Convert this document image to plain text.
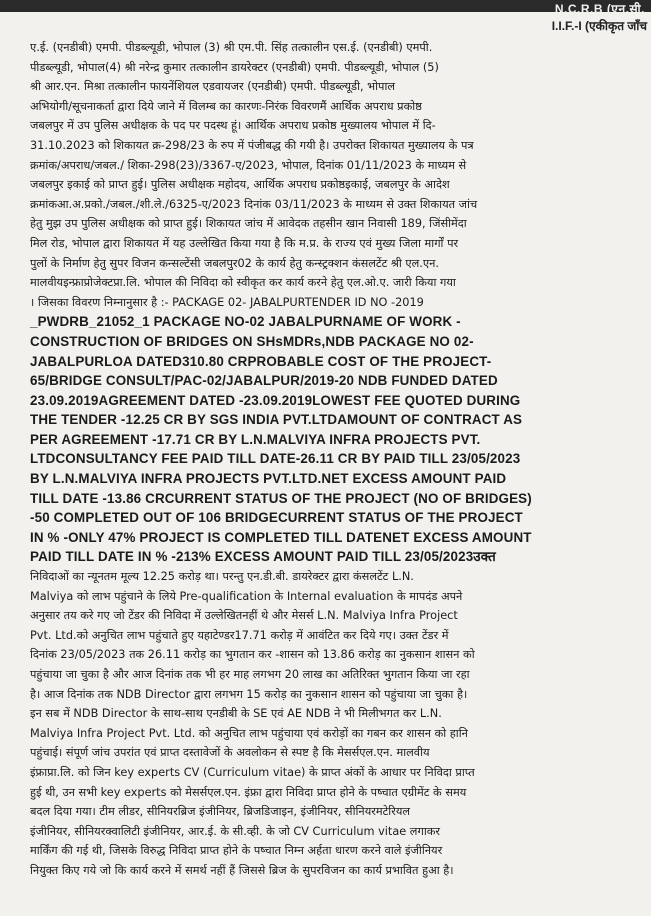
N.C.R.B (एन.सी.
I.I.F.-I (एकीकृत जाँच
ए.ई. (एनडीबी) एमपी. पीडब्ल्यूडी, भोपाल (3) श्री एम.पी. सिंह तत्कालीन एस.ई. (एनडीबी) एमपी.
पीडब्ल्यूडी, भोपाल(4) श्री नरेन्द्र कुमार तत्कालीन डायरेक्टर (एनडीबी) एमपी. पीडब्ल्यूडी, भोपाल (5)
श्री आर.एन. मिश्रा तत्कालीन फायनेंशियल एडवायजर (एनडीबी) एमपी. पीडब्ल्यूडी, भोपाल
अभियोगी/सूचनाकर्ता द्वारा दिये जाने में विलम्ब का कारणः-निरंक विवरणमैं आर्थिक अपराध प्रकोष्ठ
जबलपुर में उप पुलिस अधीक्षक के पद पर पदस्थ हूं। आर्थिक अपराध प्रकोष्ठ मुख्यालय भोपाल में दि-
31.10.2023 को शिकायत क्र-298/23 के रुप में पंजीबद्ध की गयी है। उपरोक्त शिकायत मुख्यालय के पत्र
क्रमांक/अपराध/जबल./ शिका-298(23)/3367-ए/2023, भोपाल, दिनांक 01/11/2023 के माध्यम से
जबलपुर इकाई को प्राप्त हुई। पुलिस अधीक्षक महोदय, आर्थिक अपराध प्रकोष्ठइकाई, जबलपुर के आदेश
क्रमांकआ.अ.प्रको./जबल./शी.ले./6325-ए/2023 दिनांक 03/11/2023 के माध्यम से उक्त शिकायत जांच
हेतु मुझ उप पुलिस अधीक्षक को प्राप्त हुई। शिकायत जांच में आवेदक तहसीन खान निवासी 189, जिंसीमेंदा
मिल रोड, भोपाल द्वारा शिकायत में यह उल्लेखित किया गया है कि म.प्र. के राज्य एवं मुख्य जिला मार्गों पर
पुलों के निर्माण हेतु सुपर विजन कन्सल्टेंसी जबलपुर02 के कार्य हेतु कन्स्ट्रक्शन कंसलटेंट श्री एल.एन.
मालवीयइन्फ्राप्रोजेक्टप्रा.लि. भोपाल की निविदा को स्वीकृत कर कार्य करने हेतु एल.ओ.ए. जारी किया गया
। जिसका विवरण निम्नानुसार है :- PACKAGE 02- JABALPURTENDER ID NO -2019
_PWDRB_21052_1 PACKAGE NO-02 JABALPURNAME OF WORK -
CONSTRUCTION OF BRIDGES ON SHsMDRs,NDB PACKAGE NO 02-
JABALPURLOA DATED310.80 CRPROBABLE COST OF THE PROJECT-
65/BRIDGE CONSULT/PAC-02/JABALPUR/2019-20 NDB FUNDED DATED
23.09.2019AGREEMENT DATED -23.09.2019LOWEST FEE QUOTED DURING
THE TENDER -12.25 CR BY SGS INDIA PVT.LTDAMOUNT OF CONTRACT AS
PER AGREEMENT -17.71 CR BY L.N.MALVIYA INFRA PROJECTS PVT.
LTDCONSULTANCY FEE PAID TILL DATE-26.11 CR BY PAID TILL 23/05/2023
BY L.N.MALVIYA INFRA PROJECTS PVT.LTD.NET EXCESS AMOUNT PAID
TILL DATE -13.86 CRCURRENT STATUS OF THE PROJECT (NO OF BRIDGES)
-50 COMPLETED OUT OF 106 BRIDGECURRENT STATUS OF THE PROJECT
IN % -ONLY 47% PROJECT IS COMPLETED TILL DATENET EXCESS AMOUNT
PAID TILL DATE IN % -213% EXCESS AMOUNT PAID TILL 23/05/2023उक्त
निविदाओं का न्यूनतम मूल्य 12.25 करोड़ था। परन्तु एन.डी.बी. डायरेक्टर द्वारा कंसलटेंट L.N.
Malviya को लाभ पहुंचाने के लिये Pre-qualification के Internal evaluation के मापदंड अपने
अनुसार तय करे गए जो टेंडर की निविदा में उल्लेखितनहीं थे और मेसर्स L.N. Malviya Infra Project
Pvt. Ltd.को अनुचित लाभ पहुंचाते हुए यहाटेण्डर17.71 करोड़ में आवंटित कर दिये गए। उक्त टेंडर में
दिनांक 23/05/2023 तक 26.11 करोड़ का भुगतान कर -शासन को 13.86 करोड़ का नुकसान शासन को
पहुंचाया जा चुका है और आज दिनांक तक भी हर माह लगभग 20 लाख का अतिरिक्त भुगतान किया जा रहा
है। आज दिनांक तक NDB Director द्वारा लगभग 15 करोड़ का नुकसान शासन को पहुंचाया जा चुका है।
इन सब में NDB Director के साथ-साथ एनडीबी के SE एवं AE NDB ने भी मिलीभगत कर L.N.
Malviya Infra Project Pvt. Ltd. को अनुचित लाभ पहुंचाया एवं करोड़ों का गबन कर शासन को हानि
पहुंचाई। संपूर्ण जांच उपरांत एवं प्राप्त दस्तावेजों के अवलोकन से स्पष्ट है कि मेसर्सएल.एन. मालवीय
इंफ्राप्रा.लि. को जिन key experts CV (Curriculum vitae) के प्राप्त अंकों के आधार पर निविदा प्राप्त
हुई थी, उन सभी key experts को मेसर्सएल.एन. इंफ्रा द्वारा निविदा प्राप्त होने के पष्चात एग्रीमेंट के समय
बदल दिया गया। टीम लीडर, सीनियरब्रिज इंजीनियर, ब्रिजडिजाइन, इंजीनियर, सीनियरमटेरियल
इंजीनियर, सीनियरक्वालिटी इंजीनियर, आर.ई. के सी.व्ही. के जो CV Curriculum vitae लगाकर
मार्किंग की गई थी, जिसके विरुद्ध निविदा प्राप्त होने के पष्चात निम्न अर्हता धारण करने वाले इंजीनियर
नियुक्त किए गये जो कि कार्य करने में समर्थ नहीं हैं जिससे ब्रिज के सुपरविजन का कार्य प्रभावित हुआ है।
